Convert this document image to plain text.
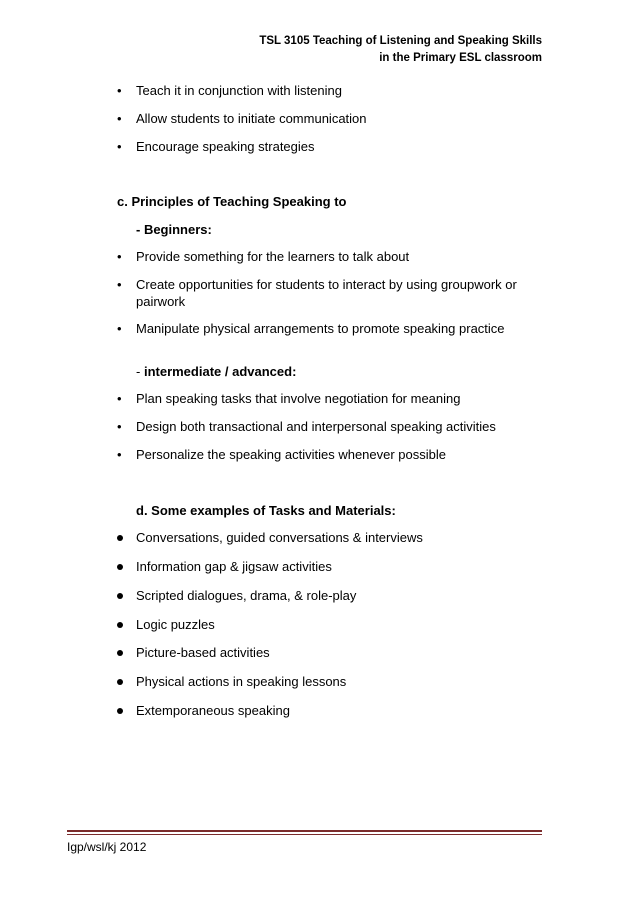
TSL 3105 Teaching of Listening and Speaking Skills
in the Primary ESL classroom
• Teach it in conjunction with listening
• Allow students to initiate communication
• Encourage speaking strategies
c. Principles of Teaching Speaking to
- Beginners:
• Provide something for the learners to talk about
• Create opportunities for students to interact by using groupwork or
pairwork
• Manipulate physical arrangements to promote speaking practice
- intermediate / advanced:
• Plan speaking tasks that involve negotiation for meaning
• Design both transactional and interpersonal speaking activities
• Personalize the speaking activities whenever possible
d. Some examples of Tasks and Materials:
Conversations, guided conversations & interviews
Information gap & jigsaw activities
Scripted dialogues, drama, & role-play
Logic puzzles
Picture-based activities
Physical actions in speaking lessons
Extemporaneous speaking
Igp/wsl/kj 2012
